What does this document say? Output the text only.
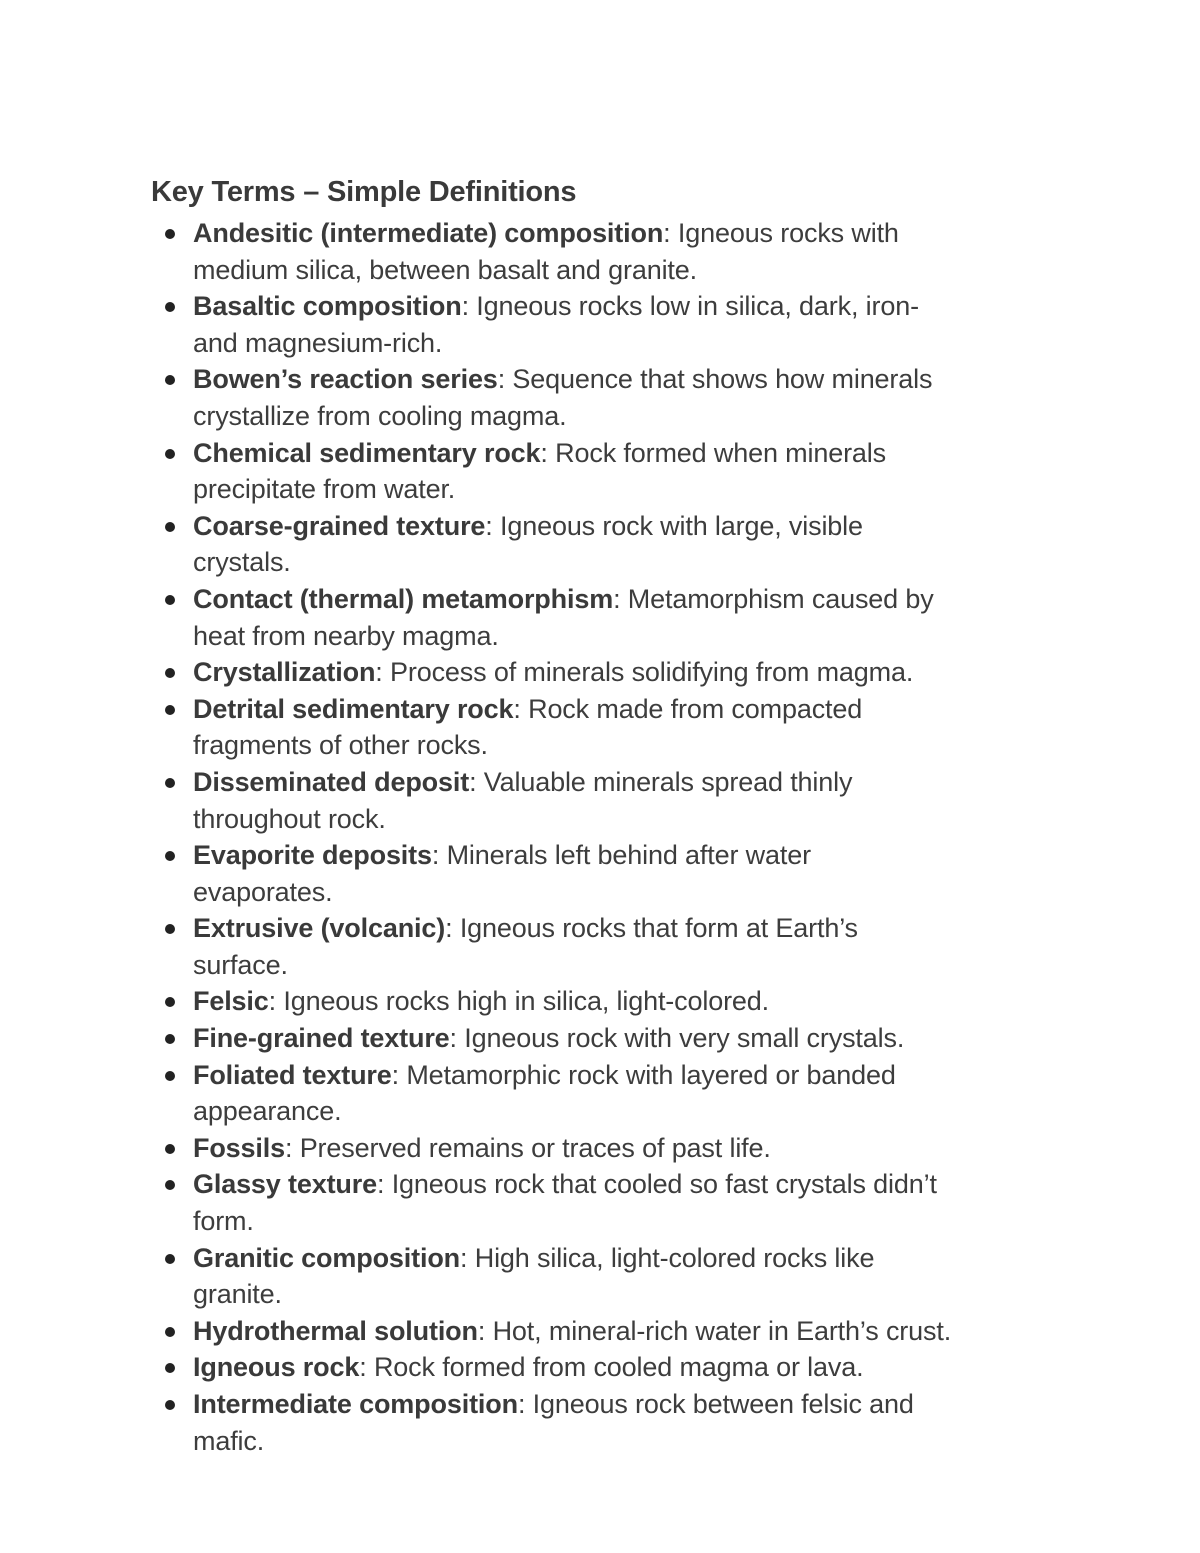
Key Terms – Simple Definitions
Andesitic (intermediate) composition: Igneous rocks with
medium silica, between basalt and granite.
Basaltic composition: Igneous rocks low in silica, dark, iron-
and magnesium-rich.
Bowen’s reaction series: Sequence that shows how minerals
crystallize from cooling magma.
Chemical sedimentary rock: Rock formed when minerals
precipitate from water.
Coarse-grained texture: Igneous rock with large, visible
crystals.
Contact (thermal) metamorphism: Metamorphism caused by
heat from nearby magma.
Crystallization: Process of minerals solidifying from magma.
Detrital sedimentary rock: Rock made from compacted
fragments of other rocks.
Disseminated deposit: Valuable minerals spread thinly
throughout rock.
Evaporite deposits: Minerals left behind after water
evaporates.
Extrusive (volcanic): Igneous rocks that form at Earth’s
surface.
Felsic: Igneous rocks high in silica, light-colored.
Fine-grained texture: Igneous rock with very small crystals.
Foliated texture: Metamorphic rock with layered or banded
appearance.
Fossils: Preserved remains or traces of past life.
Glassy texture: Igneous rock that cooled so fast crystals didn’t
form.
Granitic composition: High silica, light-colored rocks like
granite.
Hydrothermal solution: Hot, mineral-rich water in Earth’s crust.
Igneous rock: Rock formed from cooled magma or lava.
Intermediate composition: Igneous rock between felsic and
mafic.
